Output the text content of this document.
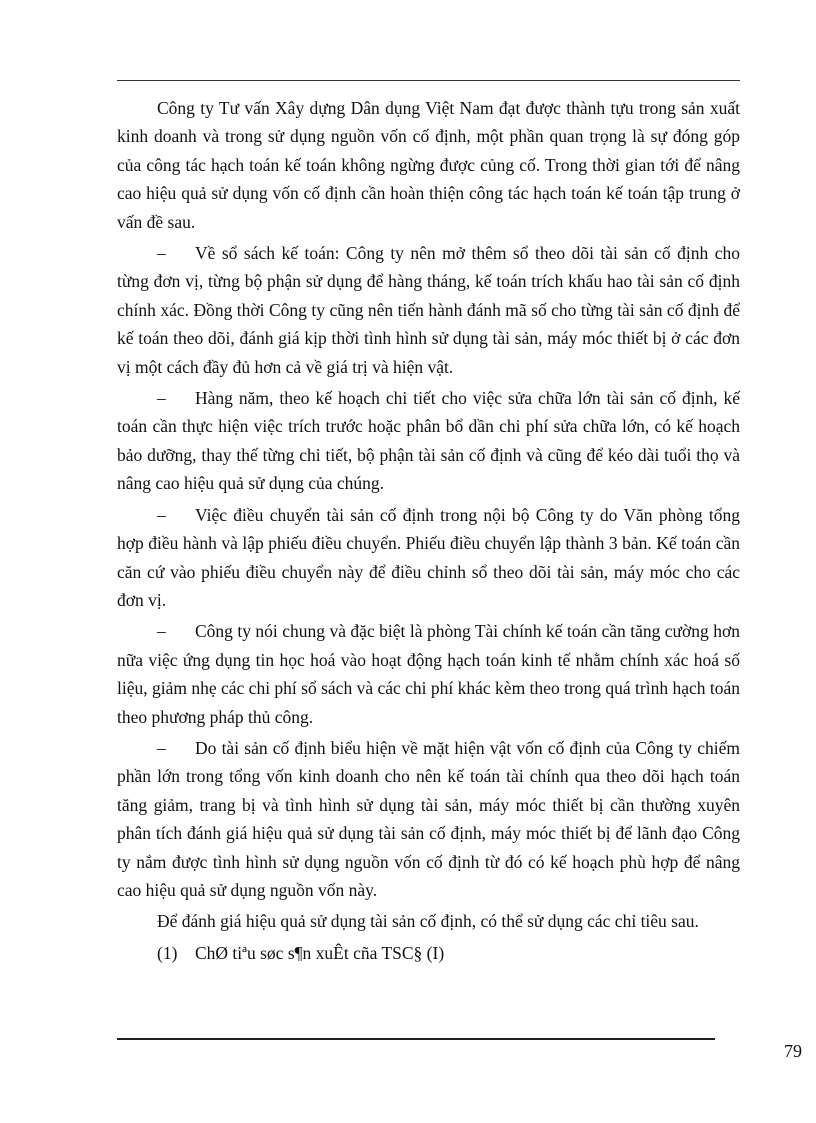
Công ty Tư vấn Xây dựng Dân dụng Việt Nam đạt được thành tựu trong sản xuất kinh doanh và trong sử dụng nguồn vốn cố định, một phần quan trọng là sự đóng góp của công tác hạch toán kế toán không ngừng được củng cố. Trong thời gian tới để nâng cao hiệu quả sử dụng vốn cố định cần hoàn thiện công tác hạch toán kế toán tập trung ở vấn đề sau.

– Về sổ sách kế toán: Công ty nên mở thêm sổ theo dõi tài sản cố định cho từng đơn vị, từng bộ phận sử dụng để hàng tháng, kế toán trích khấu hao tài sản cố định chính xác. Đồng thời Công ty cũng nên tiến hành đánh mã số cho từng tài sản cố định để kế toán theo dõi, đánh giá kịp thời tình hình sử dụng tài sản, máy móc thiết bị ở các đơn vị một cách đầy đủ hơn cả về giá trị và hiện vật.

– Hàng năm, theo kế hoạch chi tiết cho việc sửa chữa lớn tài sản cố định, kế toán cần thực hiện việc trích trước hoặc phân bổ dần chi phí sửa chữa lớn, có kế hoạch bảo dưỡng, thay thế từng chi tiết, bộ phận tài sản cố định và cũng để kéo dài tuổi thọ và nâng cao hiệu quả sử dụng của chúng.

– Việc điều chuyển tài sản cố định trong nội bộ Công ty do Văn phòng tổng hợp điều hành và lập phiếu điều chuyển. Phiếu điều chuyển lập thành 3 bản. Kế toán cần căn cứ vào phiếu điều chuyển này để điều chỉnh sổ theo dõi tài sản, máy móc cho các đơn vị.

– Công ty nói chung và đặc biệt là phòng Tài chính kế toán cần tăng cường hơn nữa việc ứng dụng tin học hoá vào hoạt động hạch toán kinh tế nhằm chính xác hoá số liệu, giảm nhẹ các chi phí sổ sách và các chi phí khác kèm theo trong quá trình hạch toán theo phương pháp thủ công.

– Do tài sản cố định biểu hiện về mặt hiện vật vốn cố định của Công ty chiếm phần lớn trong tổng vốn kinh doanh cho nên kế toán tài chính qua theo dõi hạch toán tăng giảm, trang bị và tình hình sử dụng tài sản, máy móc thiết bị cần thường xuyên phân tích đánh giá hiệu quả sử dụng tài sản cố định, máy móc thiết bị để lãnh đạo Công ty nắm được tình hình sử dụng nguồn vốn cố định từ đó có kế hoạch phù hợp để nâng cao hiệu quả sử dụng nguồn vốn này.

Để đánh giá hiệu quả sử dụng tài sản cố định, có thể sử dụng các chỉ tiêu sau.

(1) ChØ tiªu søc s¶n xuÊt cña TSC§ (I)

79
